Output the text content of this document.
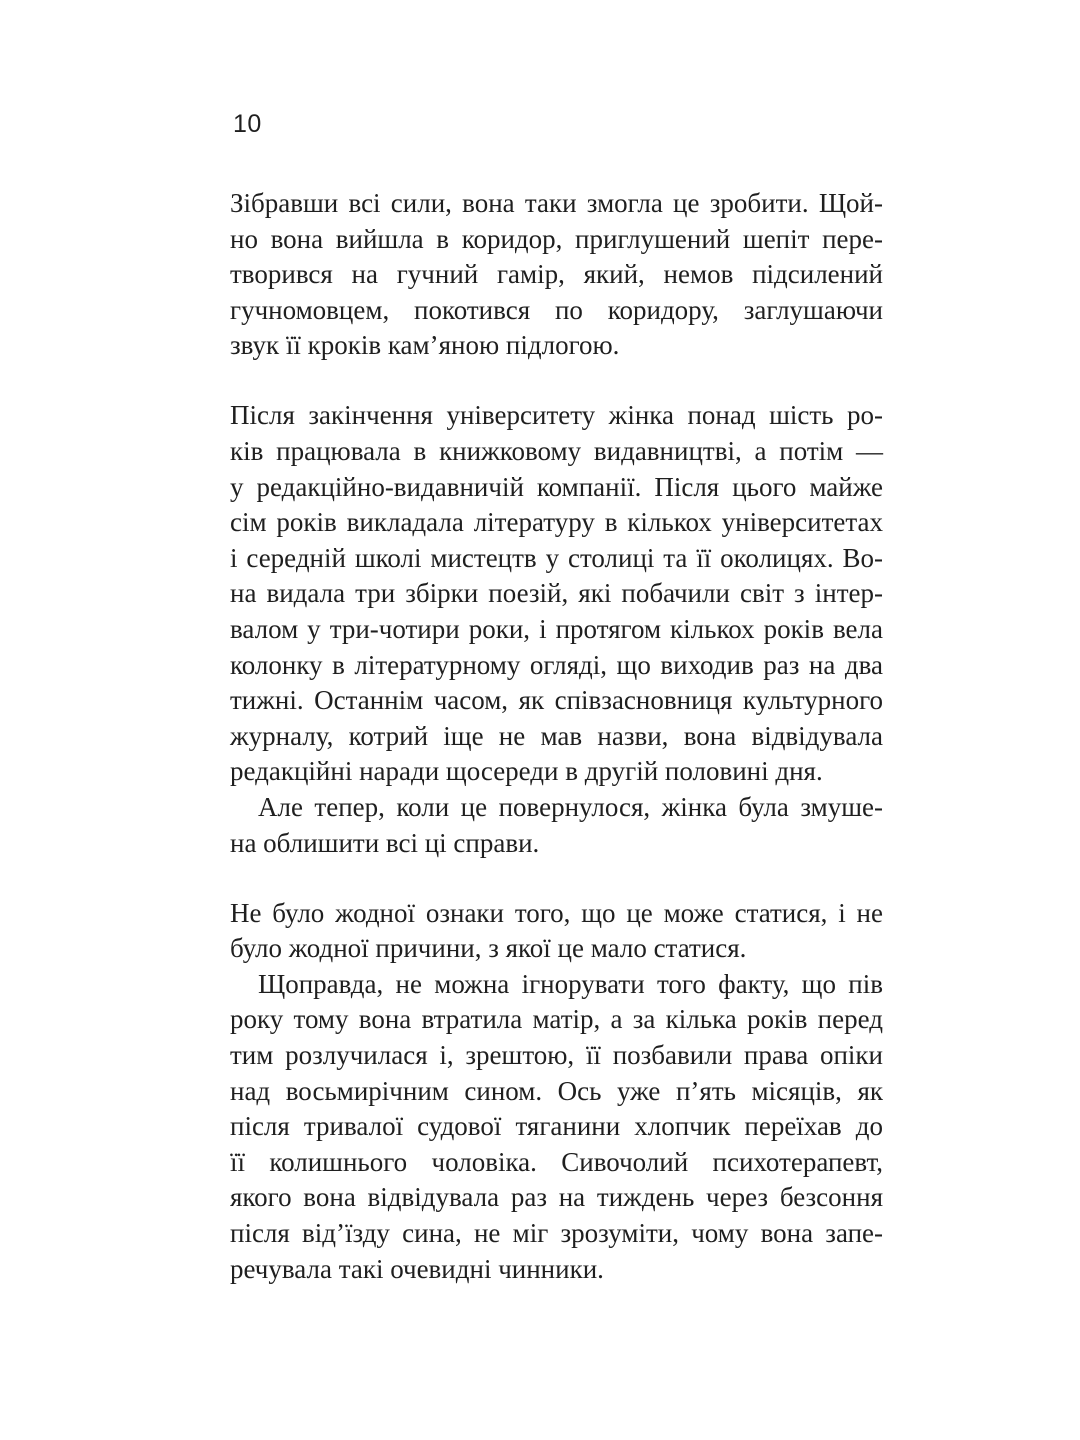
10
Зібравши всі сили, вона таки змогла це зробити. Щой-
но вона вийшла в коридор, приглушений шепіт пере-
творився на гучний гамір, який, немов підсилений
гучномовцем, покотився по коридору, заглушаючи
звук її кроків кам’яною підлогою.
Після закінчення університету жінка понад шість ро-
ків працювала в книжковому видавництві, а потім —
у редакційно-видавничій компанії. Після цього майже
сім років викладала літературу в кількох університетах
і середній школі мистецтв у столиці та її околицях. Во-
на видала три збірки поезій, які побачили світ з інтер-
валом у три-чотири роки, і протягом кількох років вела
колонку в літературному огляді, що виходив раз на два
тижні. Останнім часом, як співзасновниця культурного
журналу, котрий іще не мав назви, вона відвідувала
редакційні наради щосереди в другій половині дня.
Але тепер, коли це повернулося, жінка була змуше-
на облишити всі ці справи.
Не було жодної ознаки того, що це може статися, і не
було жодної причини, з якої це мало статися.
Щоправда, не можна ігнорувати того факту, що пів
року тому вона втратила матір, а за кілька років перед
тим розлучилася і, зрештою, її позбавили права опіки
над восьмирічним сином. Ось уже п’ять місяців, як
після тривалої судової тяганини хлопчик переїхав до
її колишнього чоловіка. Сивочолий психотерапевт,
якого вона відвідувала раз на тиждень через безсоння
після від’їзду сина, не міг зрозуміти, чому вона запе-
речувала такі очевидні чинники.
